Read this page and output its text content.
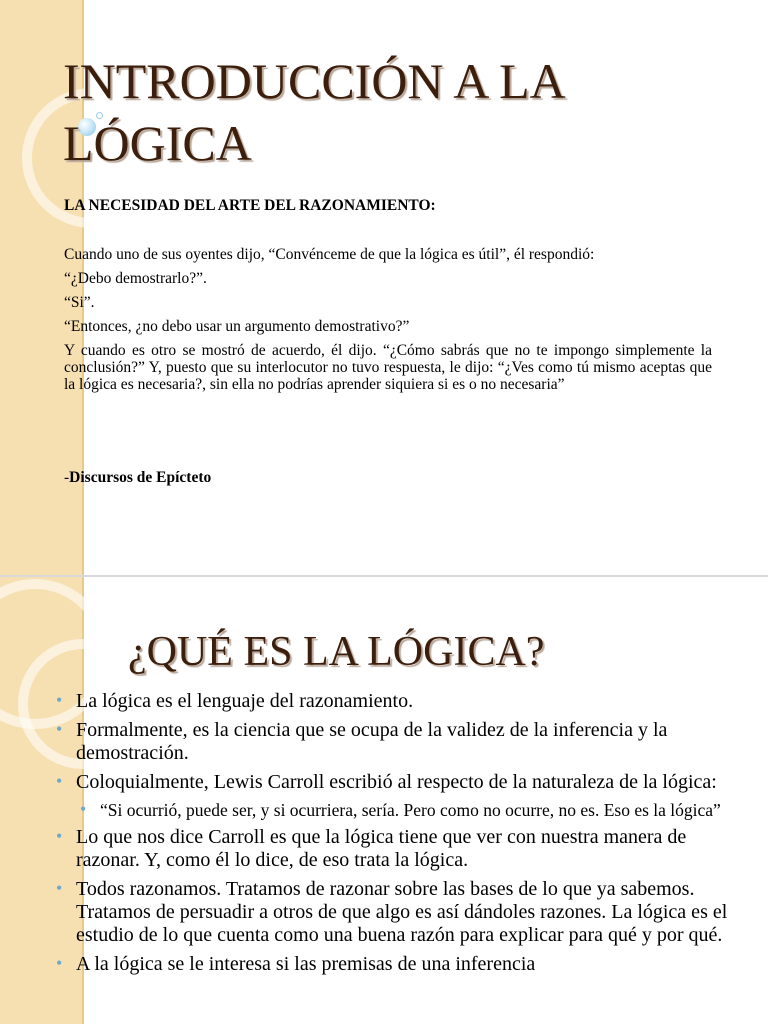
INTRODUCCIÓN A LA LÓGICA
LA NECESIDAD DEL ARTE DEL RAZONAMIENTO:

Cuando uno de sus oyentes dijo, “Convénceme de que la lógica es útil”, él respondió:

“¿Debo demostrarlo?”.

“Si”.

“Entonces, ¿no debo usar un argumento demostrativo?”

Y cuando es otro se mostró de acuerdo, él dijo. “¿Cómo sabrás que no te impongo simplemente la conclusión?” Y, puesto que su interlocutor no tuvo respuesta, le dijo: “¿Ves como tú mismo aceptas que la lógica es necesaria?, sin ella no podrías aprender siquiera si es o no necesaria”

-Discursos de Epícteto

¿QUÉ ES LA LÓGICA?
• La lógica es el lenguaje del razonamiento.
• Formalmente, es la ciencia que se ocupa de la validez de la inferencia y la demostración.
• Coloquialmente, Lewis Carroll escribió al respecto de la naturaleza de la lógica:
• “Si ocurrió, puede ser, y si ocurriera, sería. Pero como no ocurre, no es. Eso es la lógica”
• Lo que nos dice Carroll es que la lógica tiene que ver con nuestra manera de razonar. Y, como él lo dice, de eso trata la lógica.
• Todos razonamos. Tratamos de razonar sobre las bases de lo que ya sabemos. Tratamos de persuadir a otros de que algo es así dándoles razones. La lógica es el estudio de lo que cuenta como una buena razón para explicar para qué y por qué.
• A la lógica se le interesa si las premisas de una inferencia
